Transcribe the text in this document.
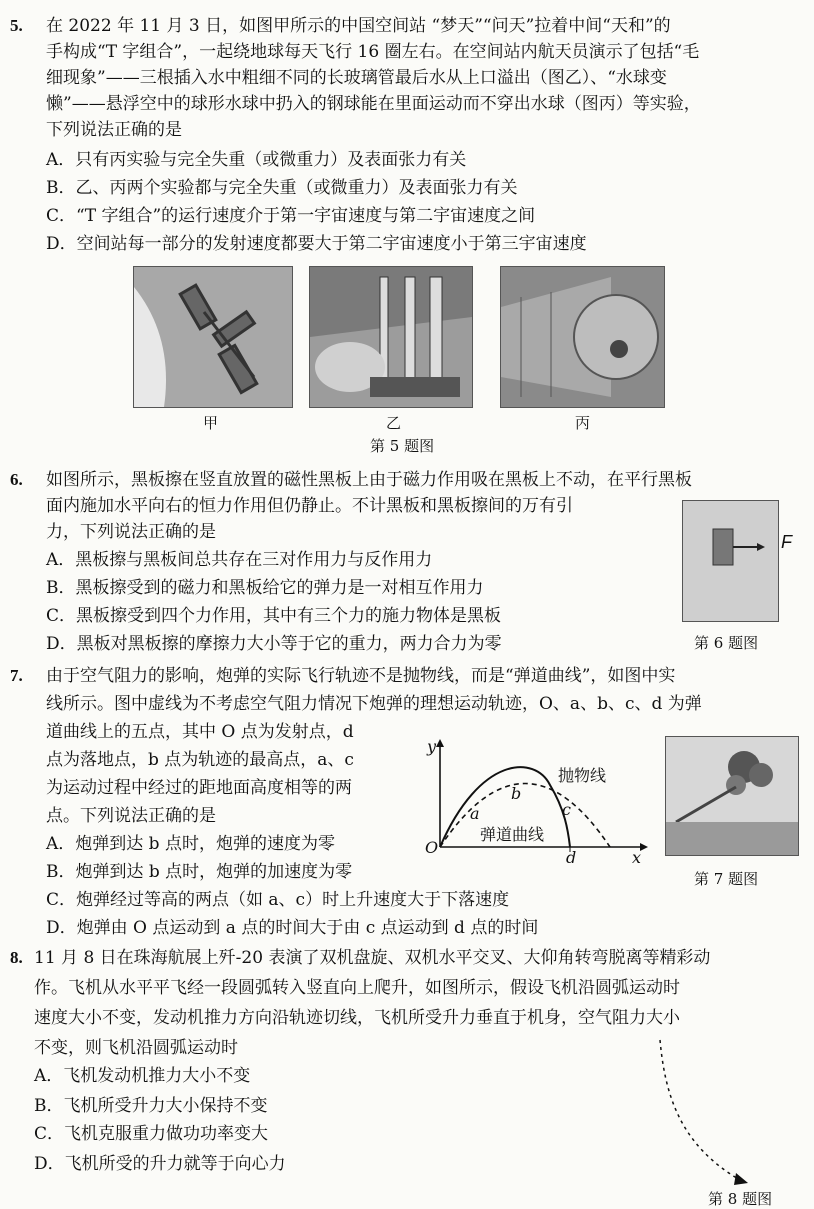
5. 在 2022 年 11 月 3 日，如图甲所示的中国空间站 “梦天”“问天”拉着中间“天和”的
手构成“T 字组合”，一起绕地球每天飞行 16 圈左右。在空间站内航天员演示了包括“毛
细现象”——三根插入水中粗细不同的长玻璃管最后水从上口溢出（图乙）、“水球变
懒”——悬浮空中的球形水球中扔入的钢球能在里面运动而不穿出水球（图丙）等实验，
下列说法正确的是
A．只有丙实验与完全失重（或微重力）及表面张力有关
B．乙、丙两个实验都与完全失重（或微重力）及表面张力有关
C．“T 字组合”的运行速度介于第一宇宙速度与第二宇宙速度之间
D．空间站每一部分的发射速度都要大于第二宇宙速度小于第三宇宙速度
甲	乙	丙
第 5 题图
6. 如图所示，黑板擦在竖直放置的磁性黑板上由于磁力作用吸在黑板上不动，在平行黑板
面内施加水平向右的恒力作用但仍静止。不计黑板和黑板擦间的万有引
力，下列说法正确的是
A．黑板擦与黑板间总共存在三对作用力与反作用力
B．黑板擦受到的磁力和黑板给它的弹力是一对相互作用力
C．黑板擦受到四个力作用，其中有三个力的施力物体是黑板
D．黑板对黑板擦的摩擦力大小等于它的重力，两力合力为零
F
第 6 题图
7. 由于空气阻力的影响，炮弹的实际飞行轨迹不是抛物线，而是“弹道曲线”，如图中实
线所示。图中虚线为不考虑空气阻力情况下炮弹的理想运动轨迹，O、a、b、c、d 为弹
道曲线上的五点，其中 O 点为发射点，d
点为落地点，b 点为轨迹的最高点，a、c
为运动过程中经过的距地面高度相等的两
点。下列说法正确的是
A．炮弹到达 b 点时，炮弹的速度为零
B．炮弹到达 b 点时，炮弹的加速度为零
C．炮弹经过等高的两点（如 a、c）时上升速度大于下落速度
D．炮弹由 O 点运动到 a 点的时间大于由 c 点运动到 d 点的时间
y
x
O
a
b
c
d
抛物线
弹道曲线
第 7 题图
8. 11 月 8 日在珠海航展上歼-20 表演了双机盘旋、双机水平交叉、大仰角转弯脱离等精彩动
作。飞机从水平平飞经一段圆弧转入竖直向上爬升，如图所示，假设飞机沿圆弧运动时
速度大小不变，发动机推力方向沿轨迹切线，飞机所受升力垂直于机身，空气阻力大小
不变，则飞机沿圆弧运动时
A．飞机发动机推力大小不变
B．飞机所受升力大小保持不变
C．飞机克服重力做功功率变大
D．飞机所受的升力就等于向心力
第 8 题图
